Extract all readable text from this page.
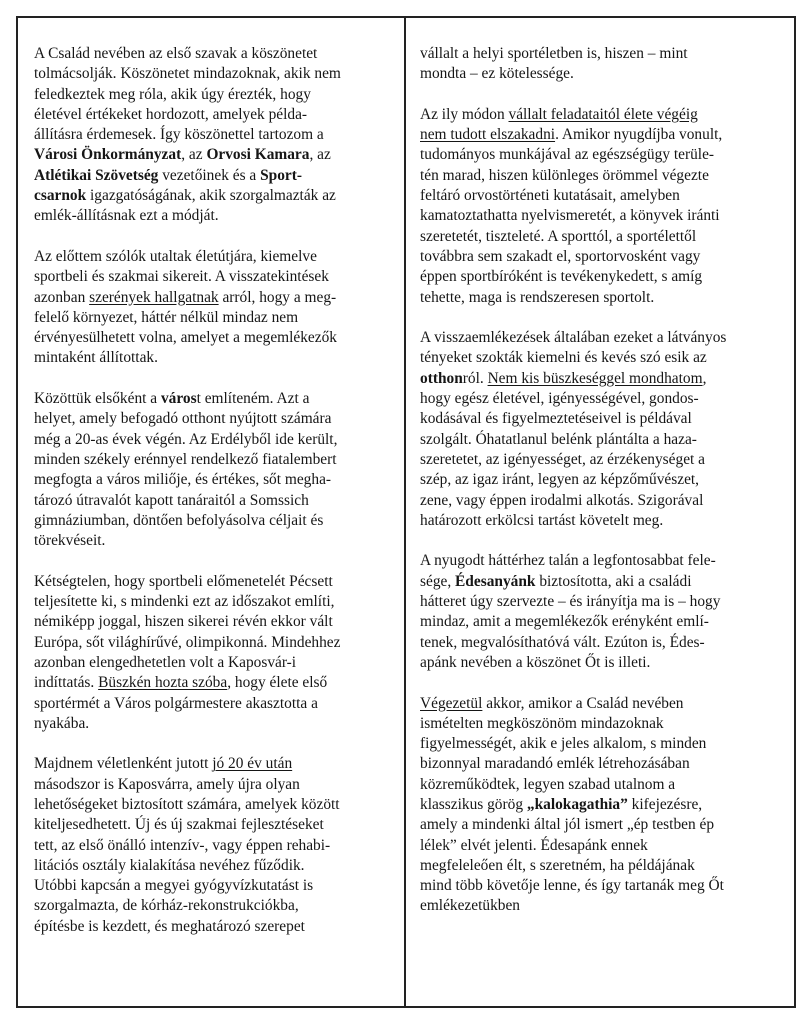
A Család nevében az első szavak a köszönetet
tolmácsolják. Köszönetet mindazoknak, akik nem
feledkeztek meg róla, akik úgy érezték, hogy
életével értékeket hordozott, amelyek példa-
állításra érdemesek. Így köszönettel tartozom a
Városi Önkormányzat, az Orvosi Kamara, az
Atlétikai Szövetség vezetőinek és a Sport-
csarnok igazgatóságának, akik szorgalmazták az
emlék-állításnak ezt a módját.

Az előttem szólók utaltak életútjára, kiemelve
sportbeli és szakmai sikereit. A visszatekintések
azonban szerények hallgatnak arról, hogy a meg-
felelő környezet, háttér nélkül mindaz nem
érvényesülhetett volna, amelyet a megemlékezők
mintaként állítottak.

Közöttük elsőként a várost említeném. Azt a
helyet, amely befogadó otthont nyújtott számára
még a 20-as évek végén. Az Erdélyből ide került,
minden székely erénnyel rendelkező fiatalembert
megfogta a város miliője, és értékes, sőt megha-
tározó útravalót kapott tanáraitól a Somssich
gimnáziumban, döntően befolyásolva céljait és
törekvéseit.

Kétségtelen, hogy sportbeli előmenetelét Pécsett
teljesítette ki, s mindenki ezt az időszakot említi,
némiképp joggal, hiszen sikerei révén ekkor vált
Európa, sőt világhírűvé, olimpikonná. Mindehhez
azonban elengedhetetlen volt a Kaposvár-i
indíttatás. Büszkén hozta szóba, hogy élete első
sportérmét a Város polgármestere akasztotta a
nyakába.

Majdnem véletlenként jutott jó 20 év után
másodszor is Kaposvárra, amely újra olyan
lehetőségeket biztosított számára, amelyek között
kiteljesedhetett. Új és új szakmai fejlesztéseket
tett, az első önálló intenzív-, vagy éppen rehabi-
litációs osztály kialakítása nevéhez fűződik.
Utóbbi kapcsán a megyei gyógyvízkutatást is
szorgalmazta, de kórház-rekonstrukciókba,
építésbe is kezdett, és meghatározó szerepet

vállalt a helyi sportéletben is, hiszen – mint
mondta – ez kötelessége.

Az ily módon vállalt feladataitól élete végéig
nem tudott elszakadni. Amikor nyugdíjba vonult,
tudományos munkájával az egészségügy terüle-
tén marad, hiszen különleges örömmel végezte
feltáró orvostörténeti kutatásait, amelyben
kamatoztathatta nyelvismeretét, a könyvek iránti
szeretetét, tiszteleté. A sporttól, a sportélettől
továbbra sem szakadt el, sportorvosként vagy
éppen sportbíróként is tevékenykedett, s amíg
tehette, maga is rendszeresen sportolt.

A visszaemlékezések általában ezeket a látványos
tényeket szokták kiemelni és kevés szó esik az
otthonról. Nem kis büszkeséggel mondhatom,
hogy egész életével, igényességével, gondos-
kodásával és figyelmeztetéseivel is példával
szolgált. Óhatatlanul belénk plántálta a haza-
szeretetet, az igényességet, az érzékenységet a
szép, az igaz iránt, legyen az képzőművészet,
zene, vagy éppen irodalmi alkotás. Szigorával
határozott erkölcsi tartást követelt meg.

A nyugodt háttérhez talán a legfontosabbat fele-
sége, Édesanyánk biztosította, aki a családi
hátteret úgy szervezte – és irányítja ma is – hogy
mindaz, amit a megemlékezők erényként emlí-
tenek, megvalósíthatóvá vált. Ezúton is, Édes-
apánk nevében a köszönet Őt is illeti.

Végezetül akkor, amikor a Család nevében
ismételten megköszönöm mindazoknak
figyelmességét, akik e jeles alkalom, s minden
bizonnyal maradandó emlék létrehozásában
közreműködtek, legyen szabad utalnom a
klasszikus görög „kalokagathia” kifejezésre,
amely a mindenki által jól ismert „ép testben ép
lélek” elvét jelenti. Édesapánk ennek
megfeleleően élt, s szeretném, ha példájának
mind több követője lenne, és így tartanák meg Őt
emlékezetükben
